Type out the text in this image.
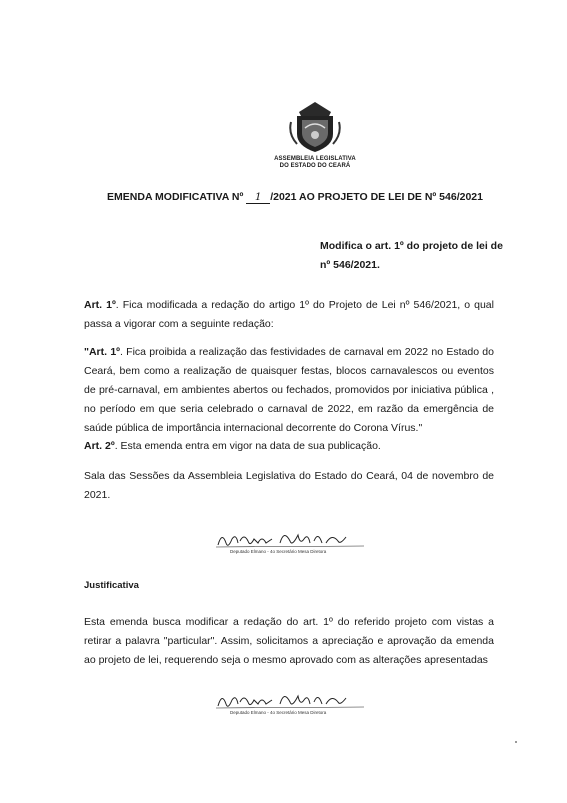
ASSEMBLEIA LEGISLATIVA
DO ESTADO DO CEARÁ
EMENDA MODIFICATIVA Nº 1 /2021 AO PROJETO DE LEI DE Nº 546/2021
Modifica o art. 1º do projeto de lei de nº 546/2021.
Art. 1º. Fica modificada a redação do artigo 1º do Projeto de Lei nº 546/2021, o qual passa a vigorar com a seguinte redação:
"Art. 1º. Fica proibida a realização das festividades de carnaval em 2022 no Estado do Ceará, bem como a realização de quaisquer festas, blocos carnavalescos ou eventos de pré-carnaval, em ambientes abertos ou fechados, promovidos por iniciativa pública , no período em que seria celebrado o carnaval de 2022, em razão da emergência de saúde pública de importância internacional decorrente do Corona Vírus."
Art. 2º. Esta emenda entra em vigor na data de sua publicação.
Sala das Sessões da Assembleia Legislativa do Estado do Ceará, 04 de novembro de 2021.
Deputado Elmano - 4o Secretário Mesa Diretora
Justificativa
Esta emenda busca modificar a redação do art. 1º do referido projeto com vistas a retirar a palavra "particular". Assim, solicitamos a apreciação e aprovação da emenda ao projeto de lei, requerendo seja o mesmo aprovado com as alterações apresentadas
Deputado Elmano - 4o Secretário Mesa Diretora
